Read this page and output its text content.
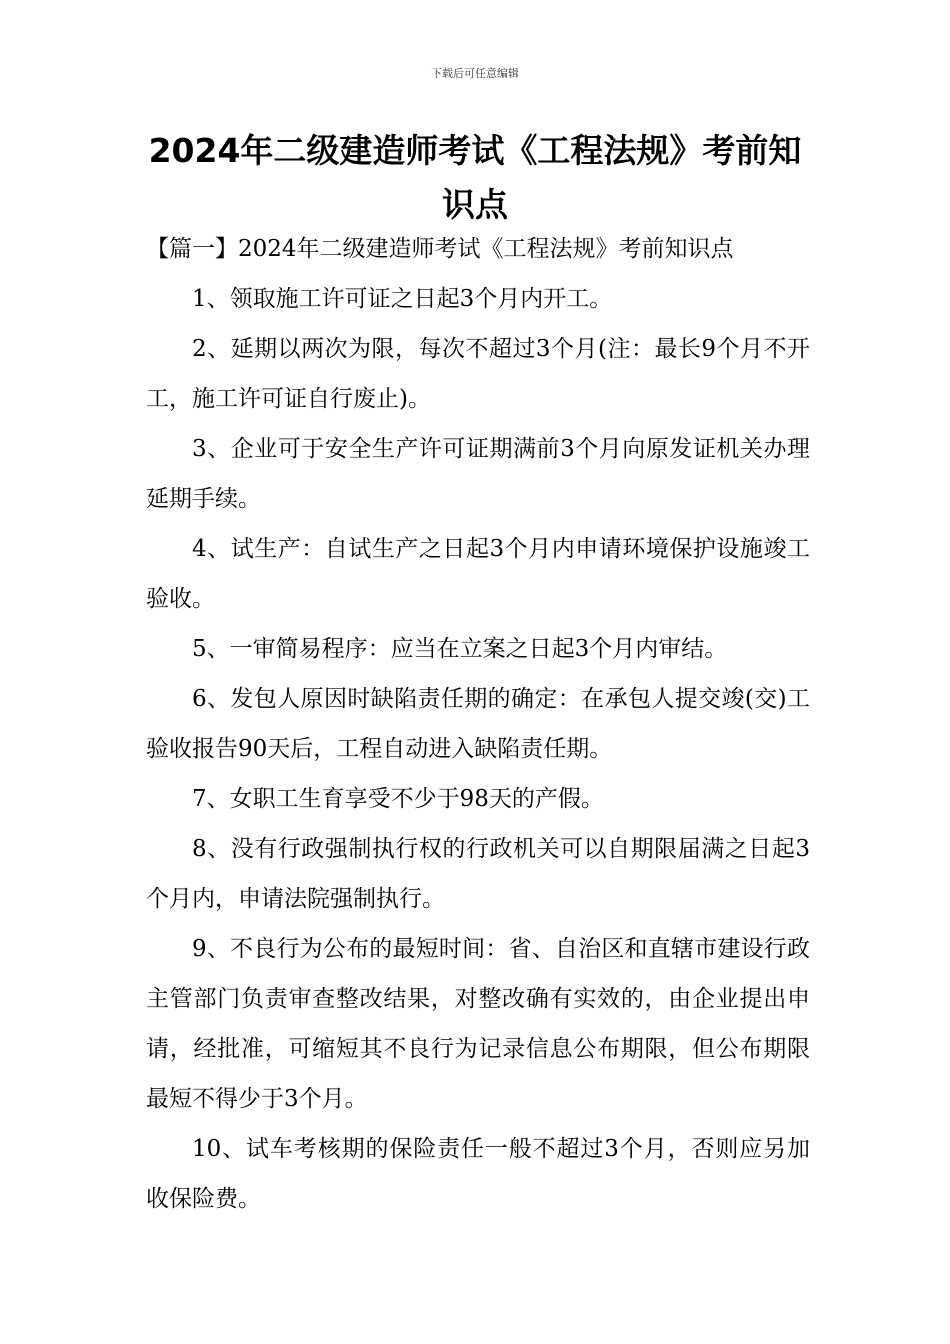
下载后可任意编辑
2024年二级建造师考试《工程法规》考前知识点

【篇一】2024年二级建造师考试《工程法规》考前知识点

1、领取施工许可证之日起3个月内开工。

2、延期以两次为限，每次不超过3个月(注：最长9个月不开工，施工许可证自行废止)。

3、企业可于安全生产许可证期满前3个月向原发证机关办理延期手续。

4、试生产：自试生产之日起3个月内申请环境保护设施竣工验收。

5、一审简易程序：应当在立案之日起3个月内审结。

6、发包人原因时缺陷责任期的确定：在承包人提交竣(交)工验收报告90天后，工程自动进入缺陷责任期。

7、女职工生育享受不少于98天的产假。

8、没有行政强制执行权的行政机关可以自期限届满之日起3个月内，申请法院强制执行。

9、不良行为公布的最短时间：省、自治区和直辖市建设行政主管部门负责审查整改结果，对整改确有实效的，由企业提出申请，经批准，可缩短其不良行为记录信息公布期限，但公布期限最短不得少于3个月。

10、试车考核期的保险责任一般不超过3个月，否则应另加收保险费。
